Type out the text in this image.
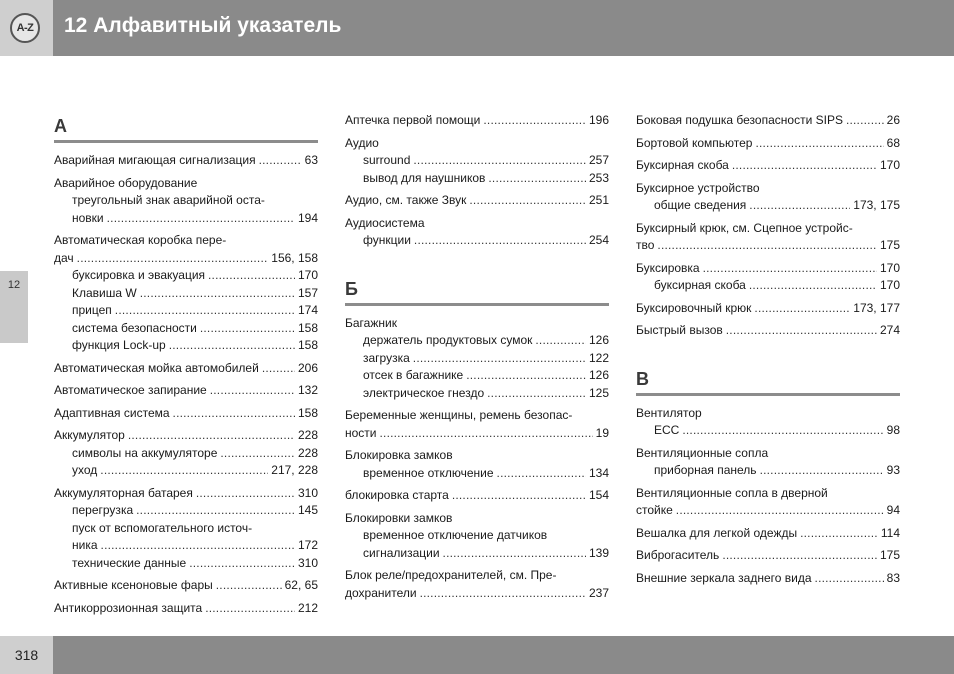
A-Z	12 Алфавитный указатель
12
А
Аварийная мигающая сигнализация .....	63
Аварийное оборудование
треугольный знак аварийной оста-
новки .....	194
Автоматическая коробка пере-
дач .....	156, 158
буксировка и эвакуация .....	170
Клавиша W .....	157
прицеп .....	174
система безопасности .....	158
функция Lock-up .....	158
Автоматическая мойка автомобилей .....	206
Автоматическое запирание .....	132
Адаптивная система .....	158
Аккумулятор .....	228
символы на аккумуляторе .....	228
уход .....	217, 228
Аккумуляторная батарея .....	310
перегрузка .....	145
пуск от вспомогательного источ-
ника .....	172
технические данные .....	310
Активные ксеноновые фары .....	62, 65
Антикоррозионная защита .....	212
Аптечка первой помощи .....	196
Аудио
surround .....	257
вывод для наушников .....	253
Аудио, см. также Звук .....	251
Аудиосистема
функции .....	254
Б
Багажник
держатель продуктовых сумок .....	126
загрузка .....	122
отсек в багажнике .....	126
электрическое гнездо .....	125
Беременные женщины, ремень безопас-
ности .....	19
Блокировка замков
временное отключение .....	134
блокировка старта .....	154
Блокировки замков
временное отключение датчиков
сигнализации .....	139
Блок реле/предохранителей, см. Пре-
дохранители .....	237
Боковая подушка безопасности SIPS .....	26
Бортовой компьютер .....	68
Буксирная скоба .....	170
Буксирное устройство
общие сведения .....	173, 175
Буксирный крюк, см. Сцепное устройс-
тво .....	175
Буксировка .....	170
буксирная скоба .....	170
Буксировочный крюк .....	173, 177
Быстрый вызов .....	274
В
Вентилятор
ECC .....	98
Вентиляционные сопла
приборная панель .....	93
Вентиляционные сопла в дверной
стойке .....	94
Вешалка для легкой одежды .....	114
Виброгаситель .....	175
Внешние зеркала заднего вида .....	83
318
